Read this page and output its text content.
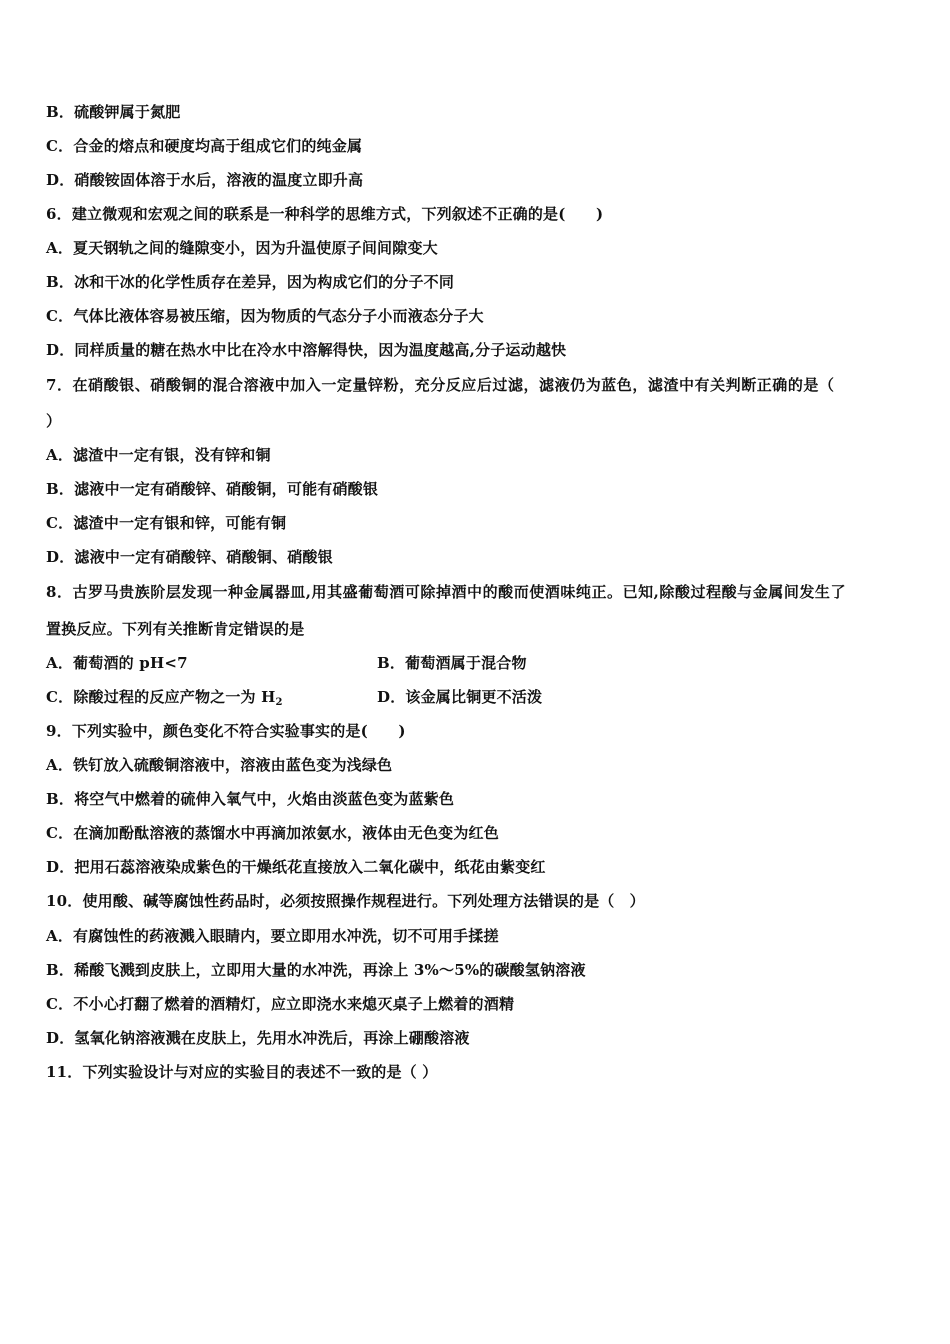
B．硫酸钾属于氮肥
C．合金的熔点和硬度均高于组成它们的纯金属
D．硝酸铵固体溶于水后，溶液的温度立即升高
6．建立微观和宏观之间的联系是一种科学的思维方式，下列叙述不正确的是(　　)
A．夏天钢轨之间的缝隙变小，因为升温使原子间间隙变大
B．冰和干冰的化学性质存在差异，因为构成它们的分子不同
C．气体比液体容易被压缩，因为物质的气态分子小而液态分子大
D．同样质量的糖在热水中比在冷水中溶解得快，因为温度越高,分子运动越快
7．在硝酸银、硝酸铜的混合溶液中加入一定量锌粉，充分反应后过滤，滤液仍为蓝色，滤渣中有关判断正确的是（
）
A．滤渣中一定有银，没有锌和铜
B．滤液中一定有硝酸锌、硝酸铜，可能有硝酸银
C．滤渣中一定有银和锌，可能有铜
D．滤液中一定有硝酸锌、硝酸铜、硝酸银
8．古罗马贵族阶层发现一种金属器皿,用其盛葡萄酒可除掉酒中的酸而使酒味纯正。已知,除酸过程酸与金属间发生了
置换反应。下列有关推断肯定错误的是
A．葡萄酒的 pH<7	B．葡萄酒属于混合物
C．除酸过程的反应产物之一为 $H_2$	D．该金属比铜更不活泼
9．下列实验中，颜色变化不符合实验事实的是(　　)
A．铁钉放入硫酸铜溶液中，溶液由蓝色变为浅绿色
B．将空气中燃着的硫伸入氧气中，火焰由淡蓝色变为蓝紫色
C．在滴加酚酞溶液的蒸馏水中再滴加浓氨水，液体由无色变为红色
D．把用石蕊溶液染成紫色的干燥纸花直接放入二氧化碳中，纸花由紫变红
10．使用酸、碱等腐蚀性药品时，必须按照操作规程进行。下列处理方法错误的是（　）
A．有腐蚀性的药液溅入眼睛内，要立即用水冲洗，切不可用手揉搓
B．稀酸飞溅到皮肤上，立即用大量的水冲洗，再涂上 3%～5%的碳酸氢钠溶液
C．不小心打翻了燃着的酒精灯，应立即浇水来熄灭桌子上燃着的酒精
D．氢氧化钠溶液溅在皮肤上，先用水冲洗后，再涂上硼酸溶液
11．下列实验设计与对应的实验目的表述不一致的是（ ）
